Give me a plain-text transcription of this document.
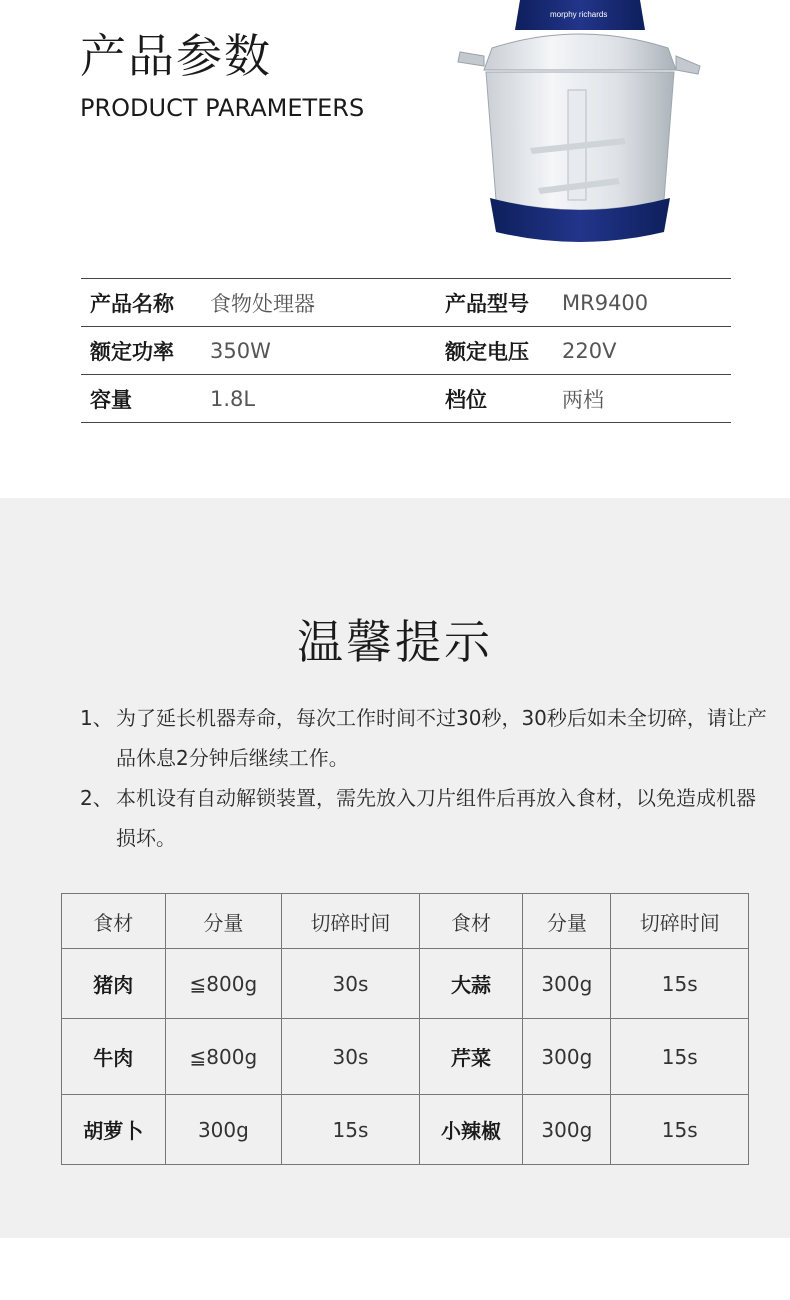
产品参数
PRODUCT PARAMETERS
morphy richards
产品名称	食物处理器	产品型号	MR9400
额定功率	350W	额定电压	220V
容量	1.8L	档位	两档
温馨提示
1、 为了延长机器寿命，每次工作时间不过30秒，30秒后如未全切碎，请让产品休息2分钟后继续工作。
2、 本机设有自动解锁装置，需先放入刀片组件后再放入食材，以免造成机器损坏。
食材	分量	切碎时间	食材	分量	切碎时间
猪肉	≦800g	30s	大蒜	300g	15s
牛肉	≦800g	30s	芹菜	300g	15s
胡萝卜	300g	15s	小辣椒	300g	15s
